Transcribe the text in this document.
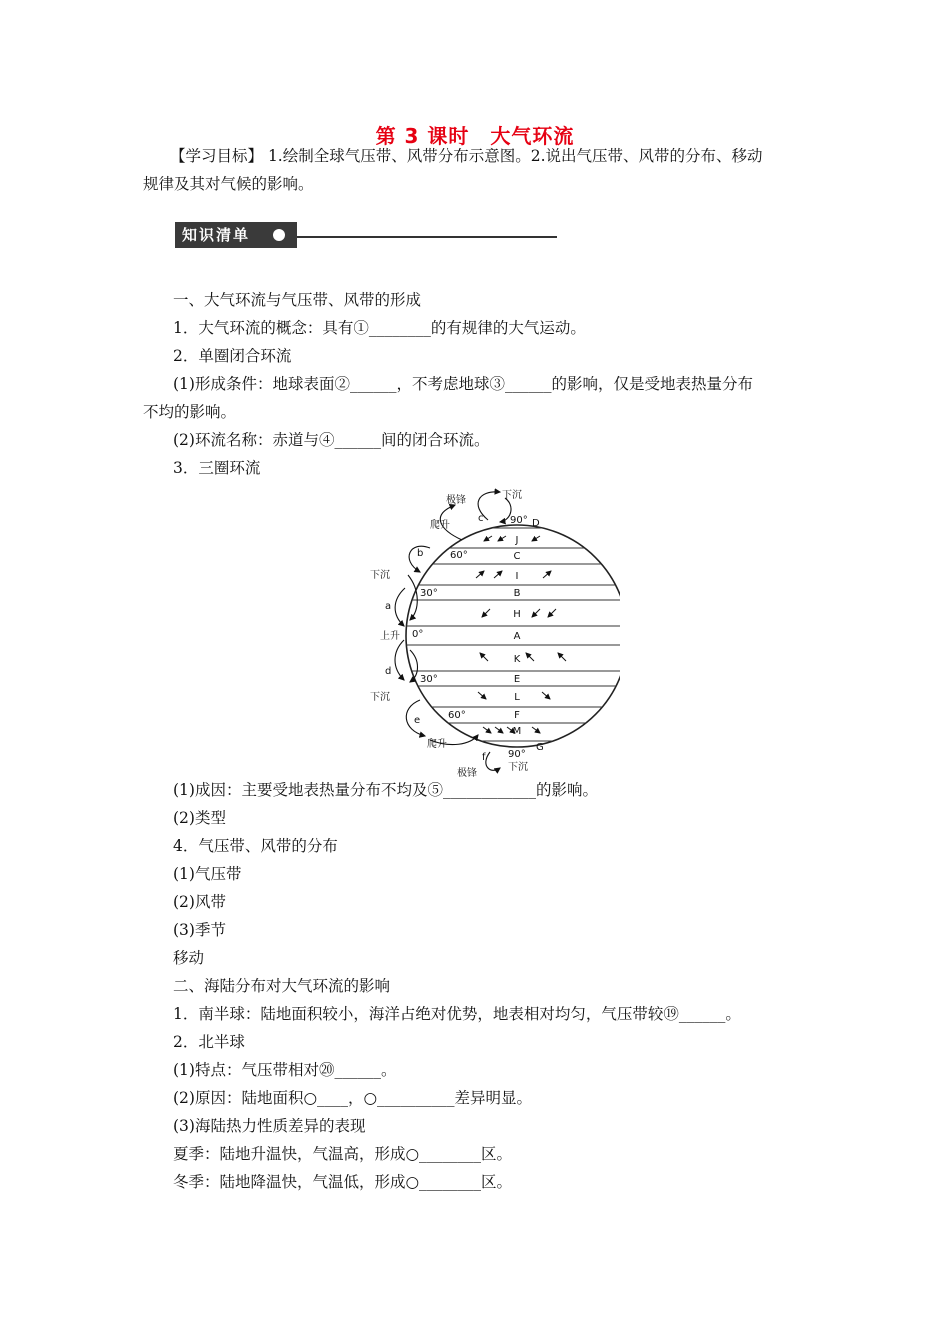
第 3 课时　大气环流
【学习目标】 1.绘制全球气压带、风带分布示意图。2.说出气压带、风带的分布、移动
规律及其对气候的影响。
知识清单
一、大气环流与气压带、风带的形成
1．大气环流的概念：具有①________的有规律的大气运动。
2．单圈闭合环流
(1)形成条件：地球表面②______，不考虑地球③______的影响，仅是受地表热量分布
不均的影响。
(2)环流名称：赤道与④______间的闭合环流。
3．三圈环流
J
C
I
B
H
A
K
E
L
F
M
极锋	下沉
c	90° D
爬升
b	60°
下沉
a
30°
上升 0°
d
下沉
30°
e	60°
爬升
f
极锋
90°
下沉
G
(1)成因：主要受地表热量分布不均及⑤____________的影响。
(2)类型
4．气压带、风带的分布
(1)气压带
(2)风带
(3)季节
移动
二、海陆分布对大气环流的影响
1．南半球：陆地面积较小，海洋占绝对优势，地表相对均匀，气压带较⑲______。
2．北半球
(1)特点：气压带相对⑳______。
(2)原因：陆地面积○____，○__________差异明显。
(3)海陆热力性质差异的表现
夏季：陆地升温快，气温高，形成○________区。
冬季：陆地降温快，气温低，形成○________区。
